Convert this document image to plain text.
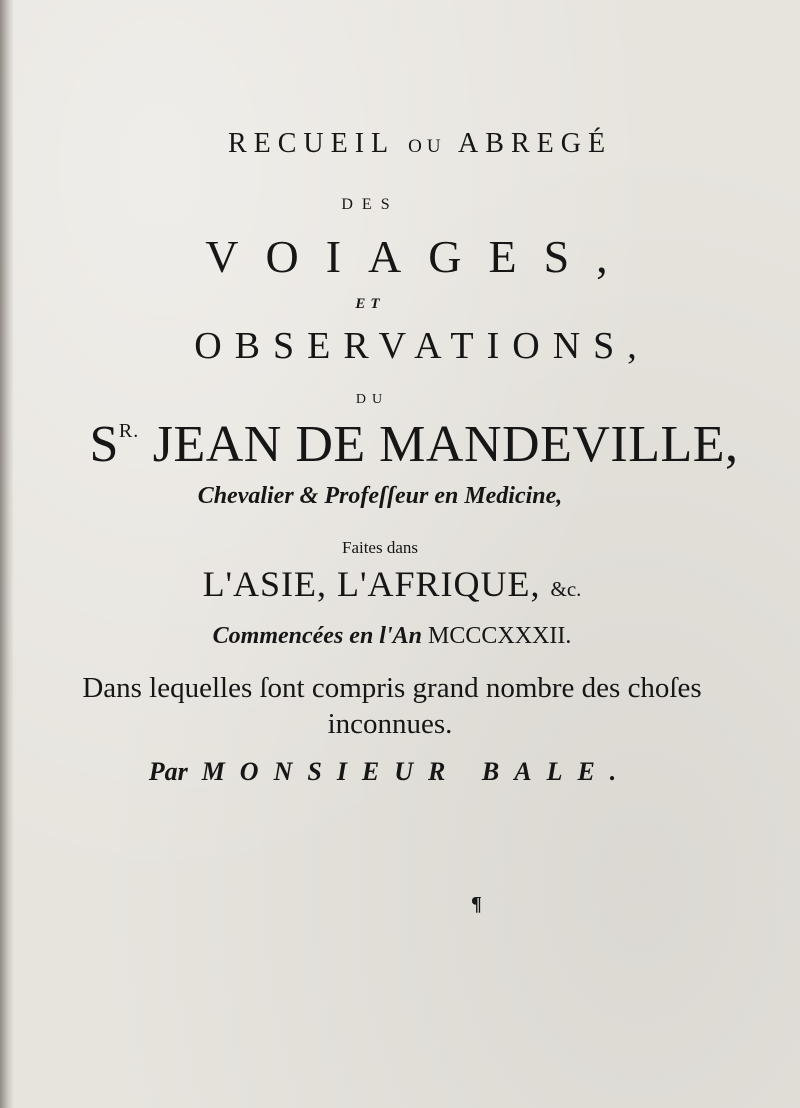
RECUEIL OU ABREGÉ
DES
VOIAGES,
ET
OBSERVATIONS,
DU
$S^{R.}$ JEAN DE MANDEVILLE,
Chevalier & Profeſſeur en Medicine,
Faites dans
L'ASIE, L'AFRIQUE, &c.
Commencées en l'An MCCCXXXII.
Dans lequelles ſont compris grand nombre des choſes
inconnues.
Par MONSIEUR BALE.
¶
